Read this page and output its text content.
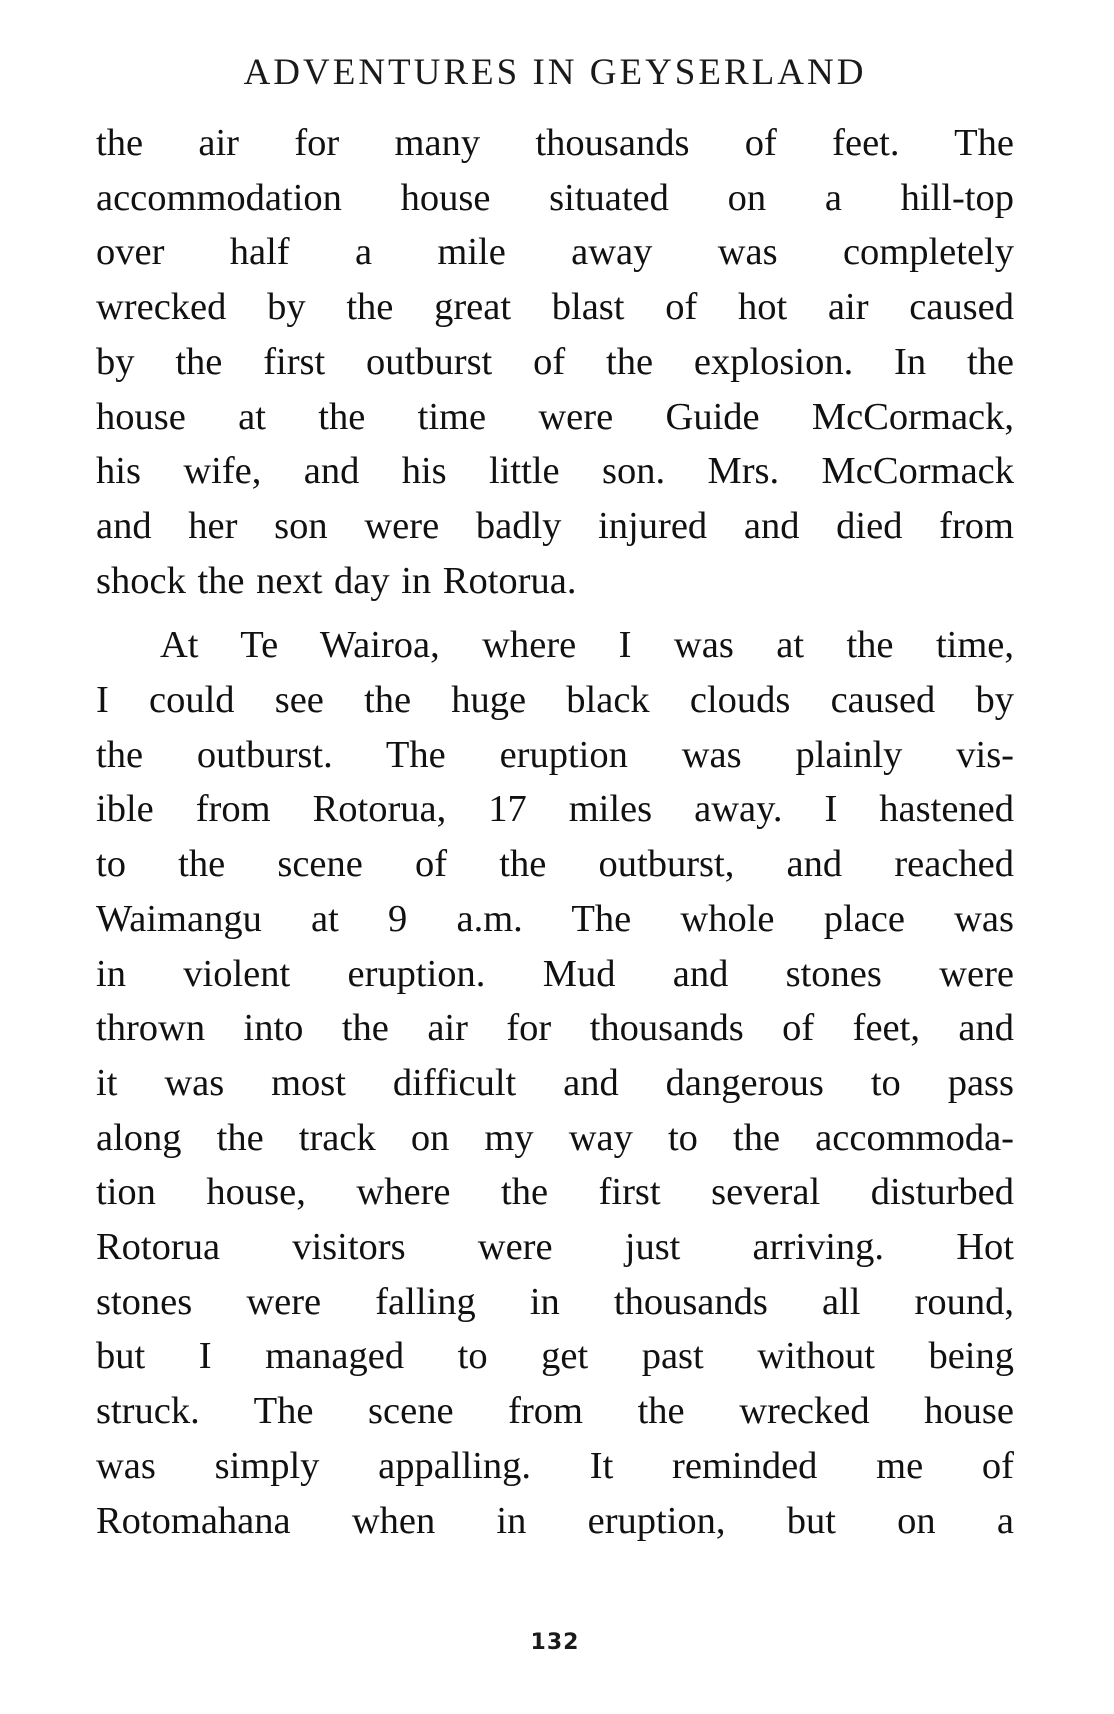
ADVENTURES IN GEYSERLAND
the air for many thousands of feet. The
accommodation house situated on a hill-top
over half a mile away was completely
wrecked by the great blast of hot air caused
by the first outburst of the explosion. In the
house at the time were Guide McCormack,
his wife, and his little son. Mrs. McCormack
and her son were badly injured and died from
shock the next day in Rotorua.
At Te Wairoa, where I was at the time,
I could see the huge black clouds caused by
the outburst. The eruption was plainly vis-
ible from Rotorua, 17 miles away. I hastened
to the scene of the outburst, and reached
Waimangu at 9 a.m. The whole place was
in violent eruption. Mud and stones were
thrown into the air for thousands of feet, and
it was most difficult and dangerous to pass
along the track on my way to the accommoda-
tion house, where the first several disturbed
Rotorua visitors were just arriving. Hot
stones were falling in thousands all round,
but I managed to get past without being
struck. The scene from the wrecked house
was simply appalling. It reminded me of
Rotomahana when in eruption, but on a
132
